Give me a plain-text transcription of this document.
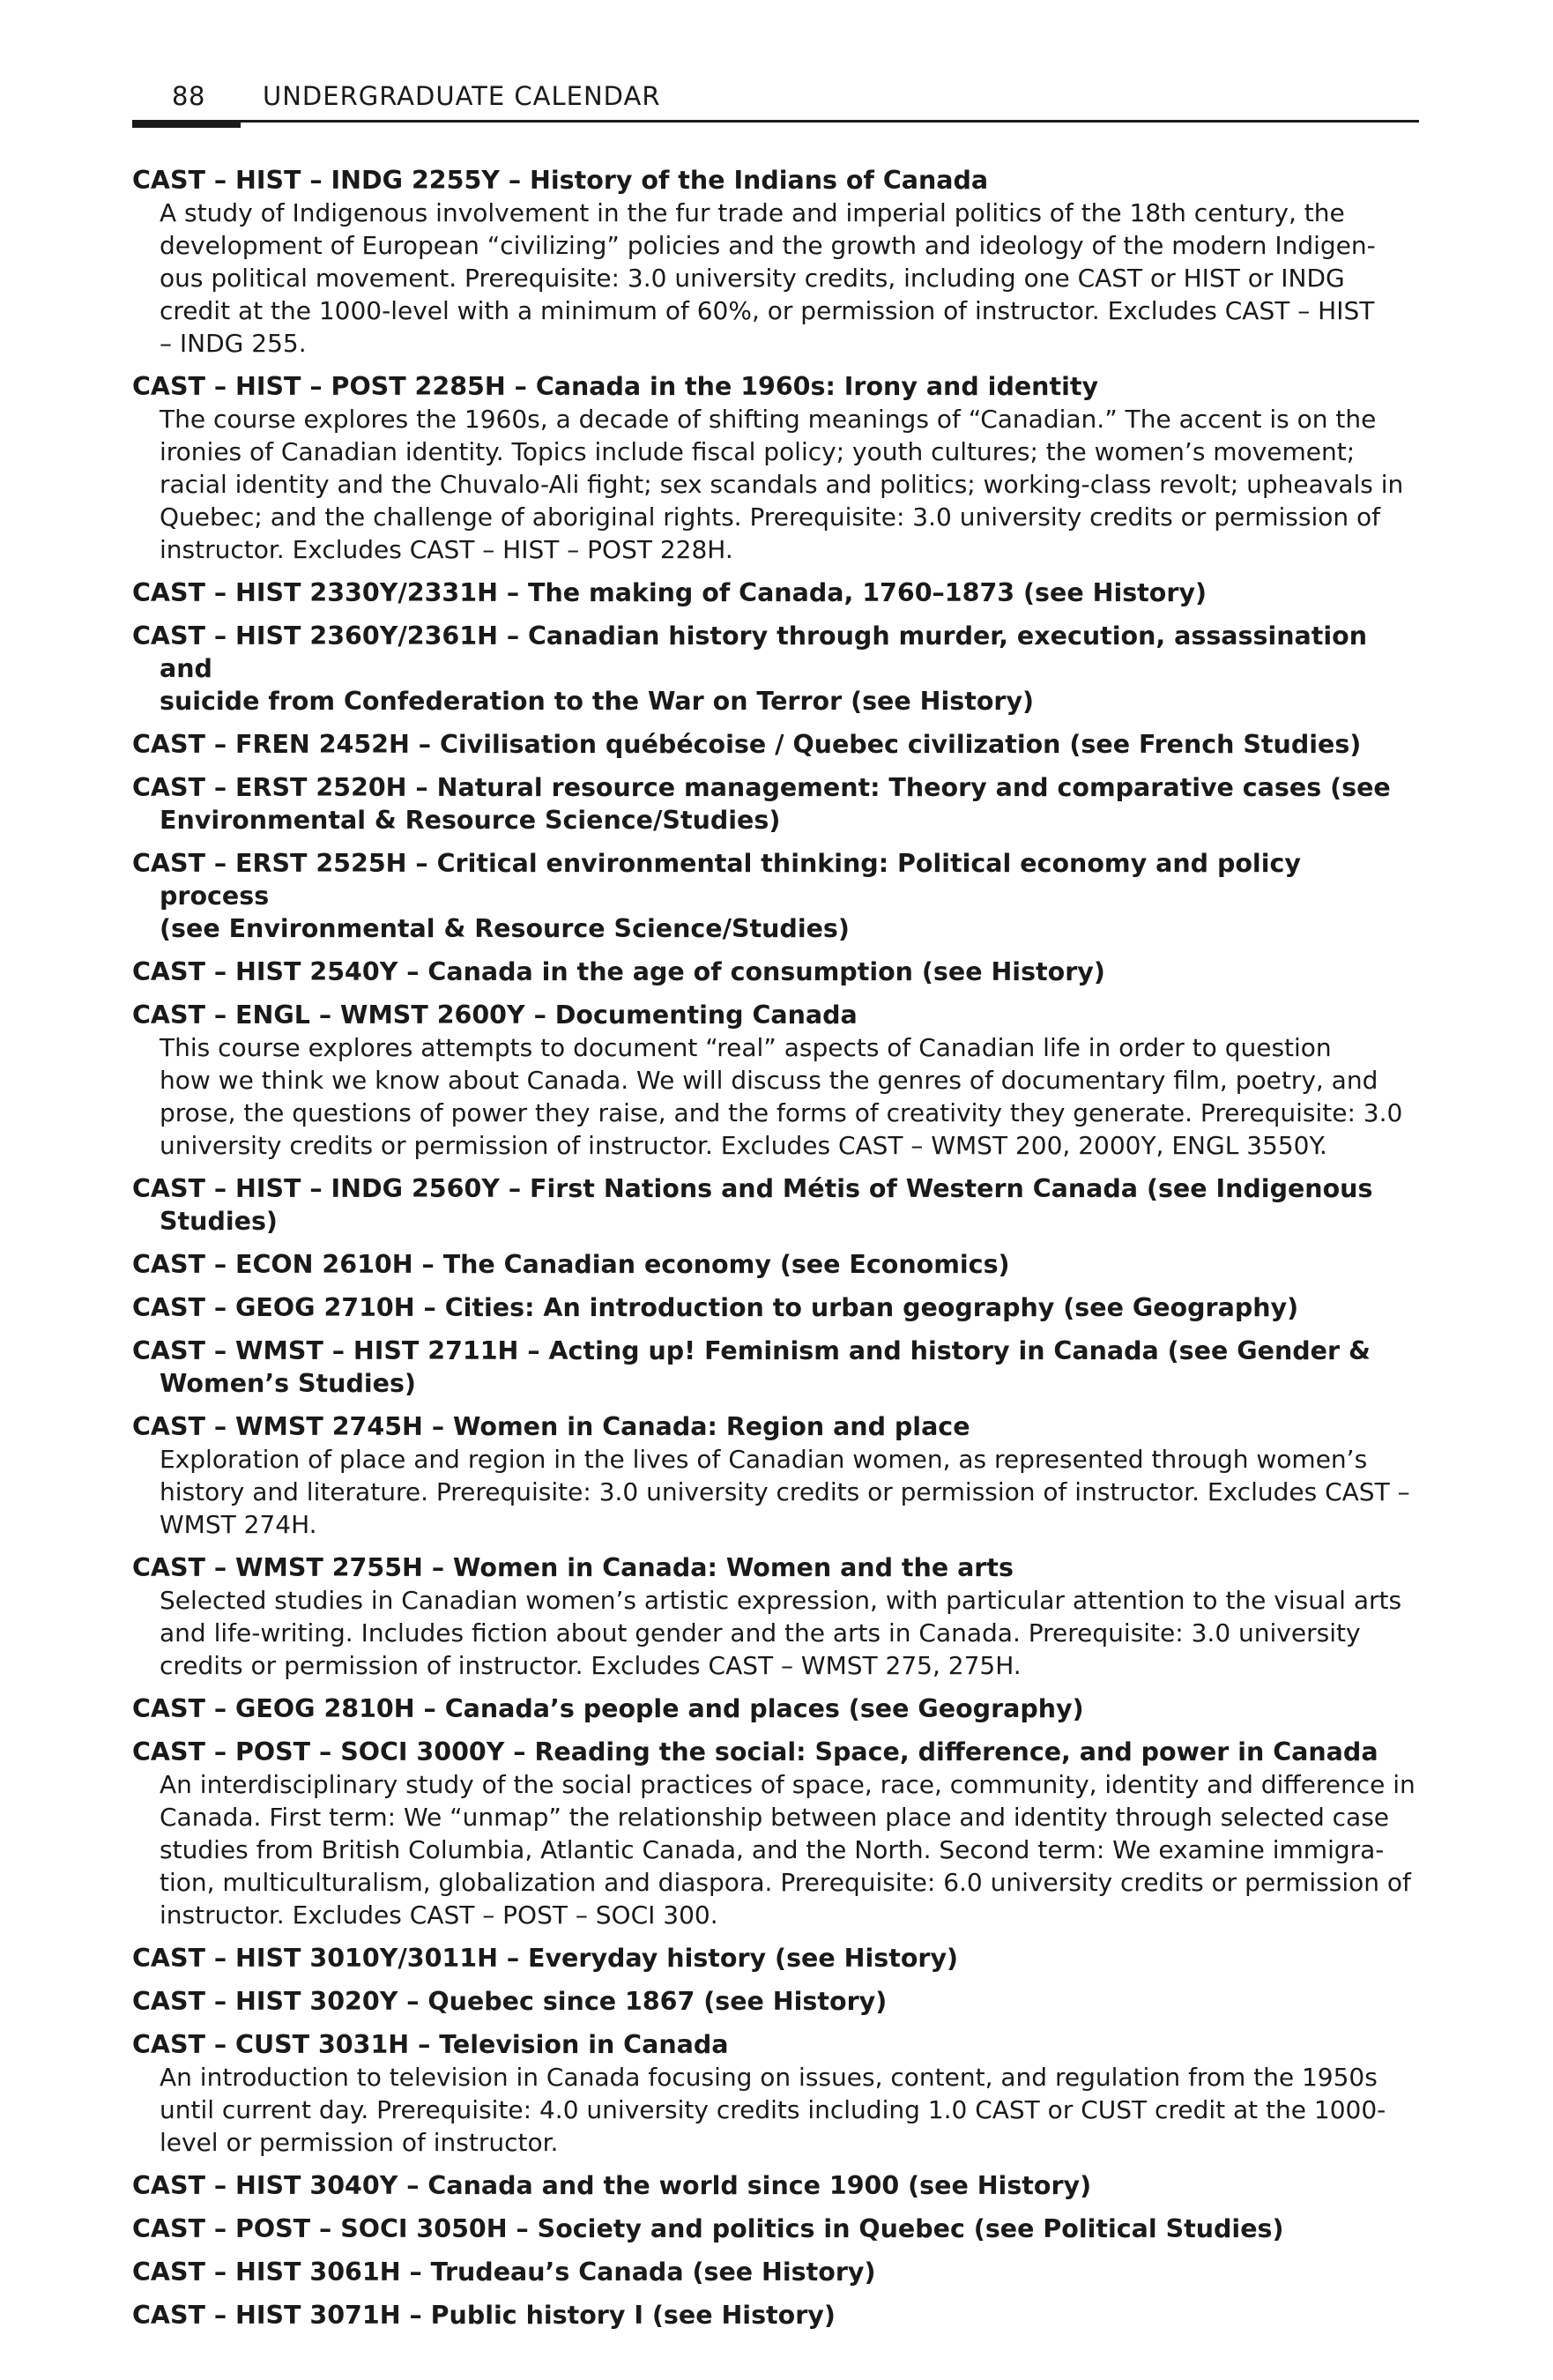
88 UNDERGRADUATE CALENDAR
CAST – HIST – INDG 2255Y – History of the Indians of Canada
A study of Indigenous involvement in the fur trade and imperial politics of the 18th century, the
development of European “civilizing” policies and the growth and ideology of the modern Indigen-
ous political movement. Prerequisite: 3.0 university credits, including one CAST or HIST or INDG
credit at the 1000-level with a minimum of 60%, or permission of instructor. Excludes CAST – HIST
– INDG 255.
CAST – HIST – POST 2285H – Canada in the 1960s: Irony and identity
The course explores the 1960s, a decade of shifting meanings of “Canadian.” The accent is on the
ironies of Canadian identity. Topics include fiscal policy; youth cultures; the women’s movement;
racial identity and the Chuvalo-Ali fight; sex scandals and politics; working-class revolt; upheavals in
Quebec; and the challenge of aboriginal rights. Prerequisite: 3.0 university credits or permission of
instructor. Excludes CAST – HIST – POST 228H.
CAST – HIST 2330Y/2331H – The making of Canada, 1760–1873 (see History)
CAST – HIST 2360Y/2361H – Canadian history through murder, execution, assassination and
suicide from Confederation to the War on Terror (see History)
CAST – FREN 2452H – Civilisation québécoise / Quebec civilization (see French Studies)
CAST – ERST 2520H – Natural resource management: Theory and comparative cases (see
Environmental & Resource Science/Studies)
CAST – ERST 2525H – Critical environmental thinking: Political economy and policy process
(see Environmental & Resource Science/Studies)
CAST – HIST 2540Y – Canada in the age of consumption (see History)
CAST – ENGL – WMST 2600Y – Documenting Canada
This course explores attempts to document “real” aspects of Canadian life in order to question
how we think we know about Canada. We will discuss the genres of documentary film, poetry, and
prose, the questions of power they raise, and the forms of creativity they generate. Prerequisite: 3.0
university credits or permission of instructor. Excludes CAST – WMST 200, 2000Y, ENGL 3550Y.
CAST – HIST – INDG 2560Y – First Nations and Métis of Western Canada (see Indigenous
Studies)
CAST – ECON 2610H – The Canadian economy (see Economics)
CAST – GEOG 2710H – Cities: An introduction to urban geography (see Geography)
CAST – WMST – HIST 2711H – Acting up! Feminism and history in Canada (see Gender &
Women’s Studies)
CAST – WMST 2745H – Women in Canada: Region and place
Exploration of place and region in the lives of Canadian women, as represented through women’s
history and literature. Prerequisite: 3.0 university credits or permission of instructor. Excludes CAST –
WMST 274H.
CAST – WMST 2755H – Women in Canada: Women and the arts
Selected studies in Canadian women’s artistic expression, with particular attention to the visual arts
and life-writing. Includes fiction about gender and the arts in Canada. Prerequisite: 3.0 university
credits or permission of instructor. Excludes CAST – WMST 275, 275H.
CAST – GEOG 2810H – Canada’s people and places (see Geography)
CAST – POST – SOCI 3000Y – Reading the social: Space, difference, and power in Canada
An interdisciplinary study of the social practices of space, race, community, identity and difference in
Canada. First term: We “unmap” the relationship between place and identity through selected case
studies from British Columbia, Atlantic Canada, and the North. Second term: We examine immigra-
tion, multiculturalism, globalization and diaspora. Prerequisite: 6.0 university credits or permission of
instructor. Excludes CAST – POST – SOCI 300.
CAST – HIST 3010Y/3011H – Everyday history (see History)
CAST – HIST 3020Y – Quebec since 1867 (see History)
CAST – CUST 3031H – Television in Canada
An introduction to television in Canada focusing on issues, content, and regulation from the 1950s
until current day. Prerequisite: 4.0 university credits including 1.0 CAST or CUST credit at the 1000-
level or permission of instructor.
CAST – HIST 3040Y – Canada and the world since 1900 (see History)
CAST – POST – SOCI 3050H – Society and politics in Quebec (see Political Studies)
CAST – HIST 3061H – Trudeau’s Canada (see History)
CAST – HIST 3071H – Public history I (see History)
